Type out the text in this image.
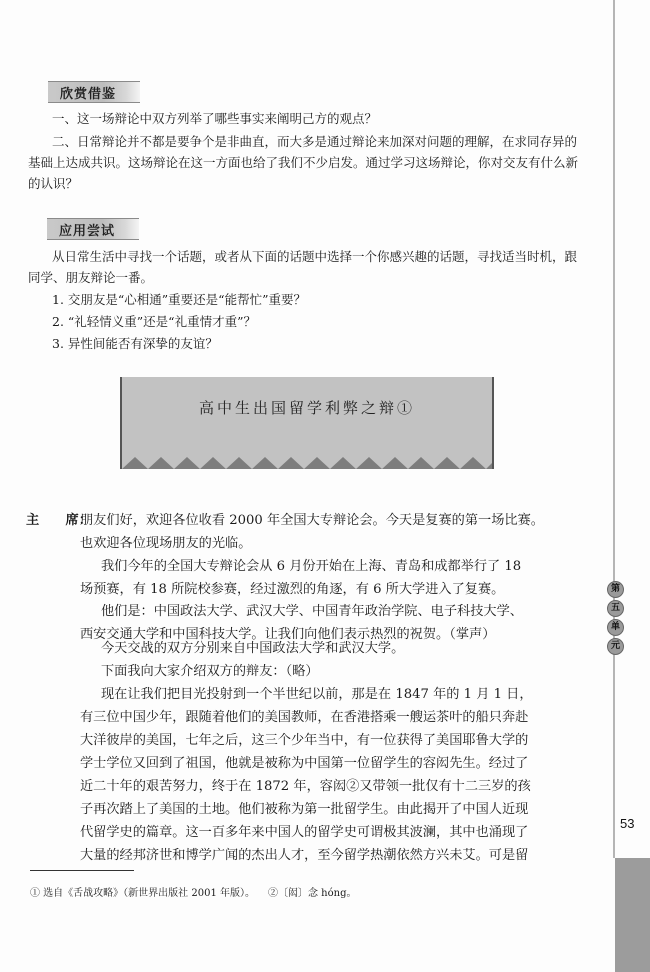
欣赏借鉴
一、这一场辩论中双方列举了哪些事实来阐明己方的观点？
二、日常辩论并不都是要争个是非曲直，而大多是通过辩论来加深对问题的理解，在求同存异的
基础上达成共识。这场辩论在这一方面也给了我们不少启发。通过学习这场辩论，你对交友有什么新
的认识？
应用尝试
从日常生活中寻找一个话题，或者从下面的话题中选择一个你感兴趣的话题，寻找适当时机，跟
同学、朋友辩论一番。
1. 交朋友是“心相通”重要还是“能帮忙”重要？
2. “礼轻情义重”还是“礼重情才重”？
3. 异性间能否有深挚的友谊？
高中生出国留学利弊之辩①
主　　席：
朋友们好，欢迎各位收看 2000 年全国大专辩论会。今天是复赛的第一场比赛。
也欢迎各位现场朋友的光临。
我们今年的全国大专辩论会从 6 月份开始在上海、青岛和成都举行了 18
场预赛，有 18 所院校参赛，经过激烈的角逐，有 6 所大学进入了复赛。
他们是：中国政法大学、武汉大学、中国青年政治学院、电子科技大学、
西安交通大学和中国科技大学。让我们向他们表示热烈的祝贺。（掌声）
今天交战的双方分别来自中国政法大学和武汉大学。
下面我向大家介绍双方的辩友：（略）
现在让我们把目光投射到一个半世纪以前，那是在 1847 年的 1 月 1 日，
有三位中国少年，跟随着他们的美国教师，在香港搭乘一艘运茶叶的船只奔赴
大洋彼岸的美国，七年之后，这三个少年当中，有一位获得了美国耶鲁大学的
学士学位又回到了祖国，他就是被称为中国第一位留学生的容闳先生。经过了
近二十年的艰苦努力，终于在 1872 年，容闳②又带领一批仅有十二三岁的孩
子再次踏上了美国的土地。他们被称为第一批留学生。由此揭开了中国人近现
代留学史的篇章。这一百多年来中国人的留学史可谓极其波澜，其中也涌现了
大量的经邦济世和博学广闻的杰出人才，至今留学热潮依然方兴未艾。可是留
第
五
单
元
53
① 选自《舌战攻略》（新世界出版社 2001 年版）。 ②〔闳〕念 hóng。
